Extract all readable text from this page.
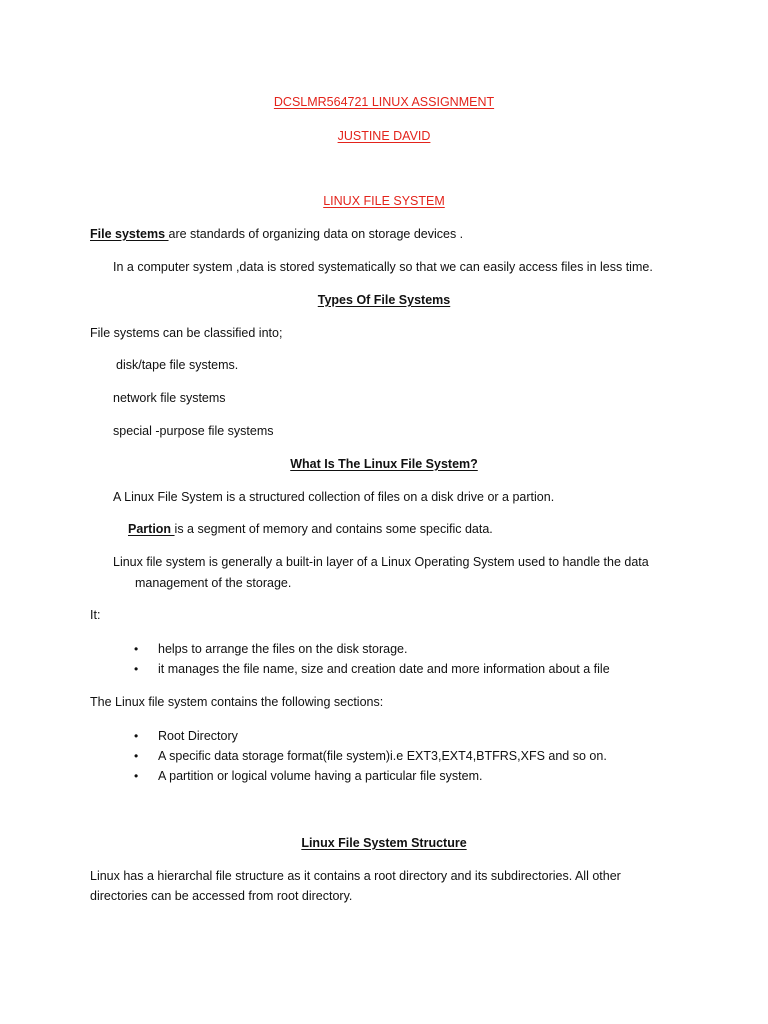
DCSLMR564721 LINUX ASSIGNMENT
JUSTINE DAVID
LINUX FILE SYSTEM
File systems are standards of organizing data on storage devices .
In a computer system ,data is stored systematically so that we can easily access files in less time.
Types Of File Systems
File systems can be classified into;
disk/tape file systems.
network file systems
special -purpose file systems
What Is The Linux File System?
A Linux File System is a structured collection of files on a disk drive or a partion.
Partion is a segment of memory and contains some specific data.
Linux file system is generally a built-in layer of a Linux Operating System used to handle the data
management of the storage.
It:
• helps to arrange the files on the disk storage.
• it manages the file name, size and creation date and more information about a file
The Linux file system contains the following sections:
• Root Directory
• A specific data storage format(file system)i.e EXT3,EXT4,BTFRS,XFS and so on.
• A partition or logical volume having a particular file system.
Linux File System Structure
Linux has a hierarchal file structure as it contains a root directory and its subdirectories. All other
directories can be accessed from root directory.
